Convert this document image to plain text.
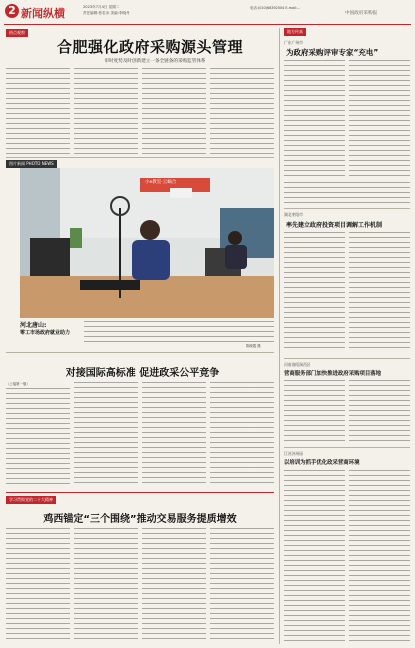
2 新闻纵横	2023年7月4日 星期二
责任编辑:张若冰 美编:李晓丹
电话:(010)68392004 E-mail:...
中国政府采购报
热点观察
合肥强化政府采购源头管理
审时度势及时创新建立一条全链条的采购监管体系
图片新闻 PHOTO NEWS
小e教室·云蜗合
河北唐山:
零工市场政府就业助力
陈晓霞 摄
对接国际高标准 促进政采公平竞争
（上接第一版）
学习贯彻党的二十大精神
鸡西锚定“三个围绕”推动交易服务提质增效
地方传真
广东广州市
为政府采购评审专家“充电”
湖北枣阳市
率先建立政府投资项目调解工作机制
河南洛阳涧西区
营商服务部门加快推进政府采购项目落地
江苏苏州园
以培训为抓手优化政采营商环境
